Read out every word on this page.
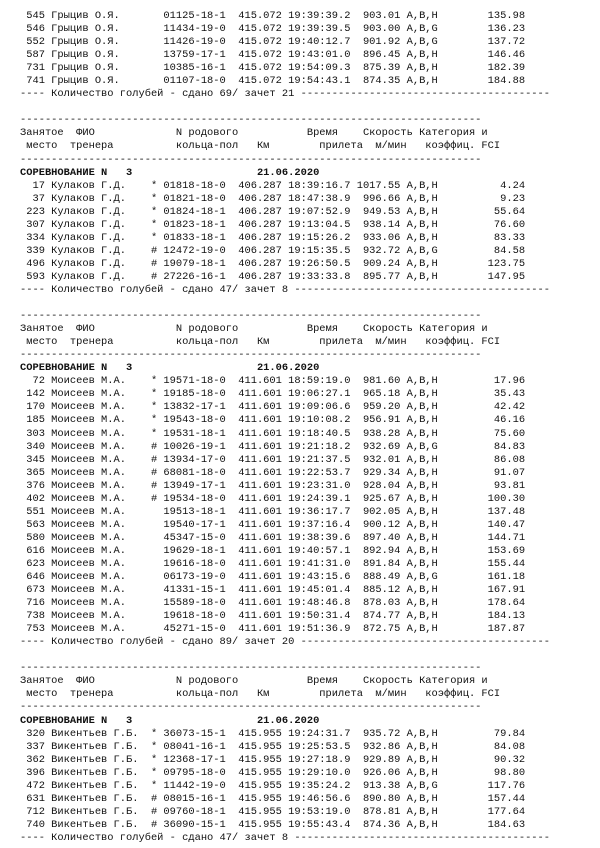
545 Грыцив О.Я.       01125-18-1  415.072 19:39:39.2  903.01 A,B,H        135.98
546 Грыцив О.Я.       11434-19-0  415.072 19:39:39.5  903.00 A,B,G        136.23
552 Грыцив О.Я.       11426-19-0  415.072 19:40:12.7  901.92 A,B,G        137.72
587 Грыцив О.Я.       13759-17-1  415.072 19:43:01.0  896.45 A,B,H        146.46
731 Грыцив О.Я.       10385-16-1  415.072 19:54:09.3  875.39 A,B,H        182.39
741 Грыцив О.Я.       01107-18-0  415.072 19:54:43.1  874.35 A,B,H        184.88
---- Количество голубей - сдано 69/ зачет 21 ----------------------------------------

--------------------------------------------------------------------------
Занятое  ФИО             N родового           Время    Скорость Категория и
место  тренера          кольца-пол   Км        прилета  м/мин   коэффиц. FCI
--------------------------------------------------------------------------
СОРЕВНОВАНИЕ N   3                    21.06.2020
17 Кулаков Г.Д.    * 01818-18-0  406.287 18:39:16.7 1017.55 A,B,H          4.24
37 Кулаков Г.Д.    * 01821-18-0  406.287 18:47:38.9  996.66 A,B,H          9.23
223 Кулаков Г.Д.    * 01824-18-1  406.287 19:07:52.9  949.53 A,B,H         55.64
307 Кулаков Г.Д.    * 01823-18-1  406.287 19:13:04.5  938.14 A,B,H         76.60
334 Кулаков Г.Д.    * 01833-18-1  406.287 19:15:26.2  933.06 A,B,H         83.33
339 Кулаков Г.Д.    # 12472-19-0  406.287 19:15:35.5  932.72 A,B,G         84.58
496 Кулаков Г.Д.    # 19079-18-1  406.287 19:26:50.5  909.24 A,B,H        123.75
593 Кулаков Г.Д.    # 27226-16-1  406.287 19:33:33.8  895.77 A,B,H        147.95
---- Количество голубей - сдано 47/ зачет 8 -----------------------------------------

--------------------------------------------------------------------------
Занятое  ФИО             N родового           Время    Скорость Категория и
место  тренера          кольца-пол   Км        прилета  м/мин   коэффиц. FCI
--------------------------------------------------------------------------
СОРЕВНОВАНИЕ N   3                    21.06.2020
72 Моисеев М.А.    * 19571-18-0  411.601 18:59:19.0  981.60 A,B,H         17.96
142 Моисеев М.А.    * 19185-18-0  411.601 19:06:27.1  965.18 A,B,H         35.43
170 Моисеев М.А.    * 13832-17-1  411.601 19:09:06.6  959.20 A,B,H         42.42
185 Моисеев М.А.    * 19543-18-0  411.601 19:10:08.2  956.91 A,B,H         46.16
303 Моисеев М.А.    * 19531-18-1  411.601 19:18:40.5  938.28 A,B,H         75.60
340 Моисеев М.А.    # 10026-19-1  411.601 19:21:18.2  932.69 A,B,G         84.83
345 Моисеев М.А.    # 13934-17-0  411.601 19:21:37.5  932.01 A,B,H         86.08
365 Моисеев М.А.    # 68081-18-0  411.601 19:22:53.7  929.34 A,B,H         91.07
376 Моисеев М.А.    # 13949-17-1  411.601 19:23:31.0  928.04 A,B,H         93.81
402 Моисеев М.А.    # 19534-18-0  411.601 19:24:39.1  925.67 A,B,H        100.30
551 Моисеев М.А.      19513-18-1  411.601 19:36:17.7  902.05 A,B,H        137.48
563 Моисеев М.А.      19540-17-1  411.601 19:37:16.4  900.12 A,B,H        140.47
580 Моисеев М.А.      45347-15-0  411.601 19:38:39.6  897.40 A,B,H        144.71
616 Моисеев М.А.      19629-18-1  411.601 19:40:57.1  892.94 A,B,H        153.69
623 Моисеев М.А.      19616-18-0  411.601 19:41:31.0  891.84 A,B,H        155.44
646 Моисеев М.А.      06173-19-0  411.601 19:43:15.6  888.49 A,B,G        161.18
673 Моисеев М.А.      41331-15-1  411.601 19:45:01.4  885.12 A,B,H        167.91
716 Моисеев М.А.      15589-18-0  411.601 19:48:46.8  878.03 A,B,H        178.64
738 Моисеев М.А.      19618-18-0  411.601 19:50:31.4  874.77 A,B,H        184.13
753 Моисеев М.А.      45271-15-0  411.601 19:51:36.9  872.75 A,B,H        187.87
---- Количество голубей - сдано 89/ зачет 20 ----------------------------------------

--------------------------------------------------------------------------
Занятое  ФИО             N родового           Время    Скорость Категория и
место  тренера          кольца-пол   Км        прилета  м/мин   коэффиц. FCI
--------------------------------------------------------------------------
СОРЕВНОВАНИЕ N   3                    21.06.2020
320 Викентьев Г.Б.  * 36073-15-1  415.955 19:24:31.7  935.72 A,B,H         79.84
337 Викентьев Г.Б.  * 08041-16-1  415.955 19:25:53.5  932.86 A,B,H         84.08
362 Викентьев Г.Б.  * 12368-17-1  415.955 19:27:18.9  929.89 A,B,H         90.32
396 Викентьев Г.Б.  * 09795-18-0  415.955 19:29:10.0  926.06 A,B,H         98.80
472 Викентьев Г.Б.  * 11442-19-0  415.955 19:35:24.2  913.38 A,B,G        117.76
631 Викентьев Г.Б.  # 08015-16-1  415.955 19:46:56.6  890.80 A,B,H        157.44
712 Викентьев Г.Б.  # 09760-18-1  415.955 19:53:19.0  878.81 A,B,H        177.64
740 Викентьев Г.Б.  # 36090-15-1  415.955 19:55:43.4  874.36 A,B,H        184.63
---- Количество голубей - сдано 47/ зачет 8 -----------------------------------------
